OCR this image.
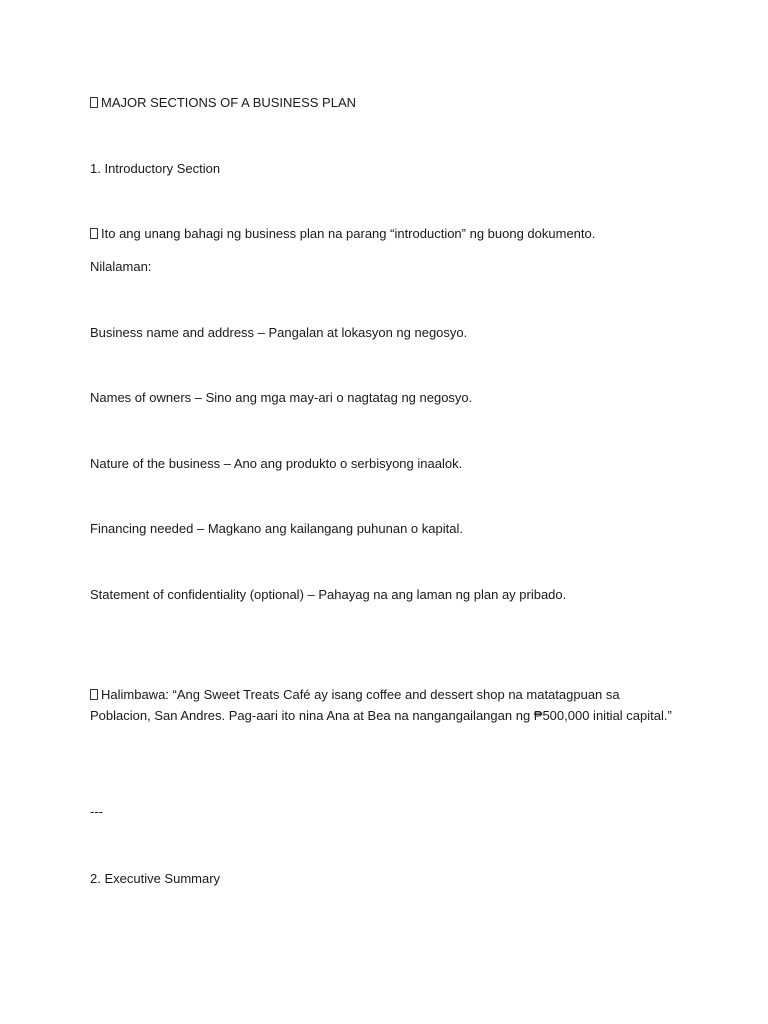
MAJOR SECTIONS OF A BUSINESS PLAN
1. Introductory Section
Ito ang unang bahagi ng business plan na parang “introduction” ng buong dokumento.
Nilalaman:
Business name and address – Pangalan at lokasyon ng negosyo.
Names of owners – Sino ang mga may-ari o nagtatag ng negosyo.
Nature of the business – Ano ang produkto o serbisyong inaalok.
Financing needed – Magkano ang kailangang puhunan o kapital.
Statement of confidentiality (optional) – Pahayag na ang laman ng plan ay pribado.
Halimbawa: “Ang Sweet Treats Café ay isang coffee and dessert shop na matatagpuan sa Poblacion, San Andres. Pag-aari ito nina Ana at Bea na nangangailangan ng ₱500,000 initial capital.”
---
2. Executive Summary
